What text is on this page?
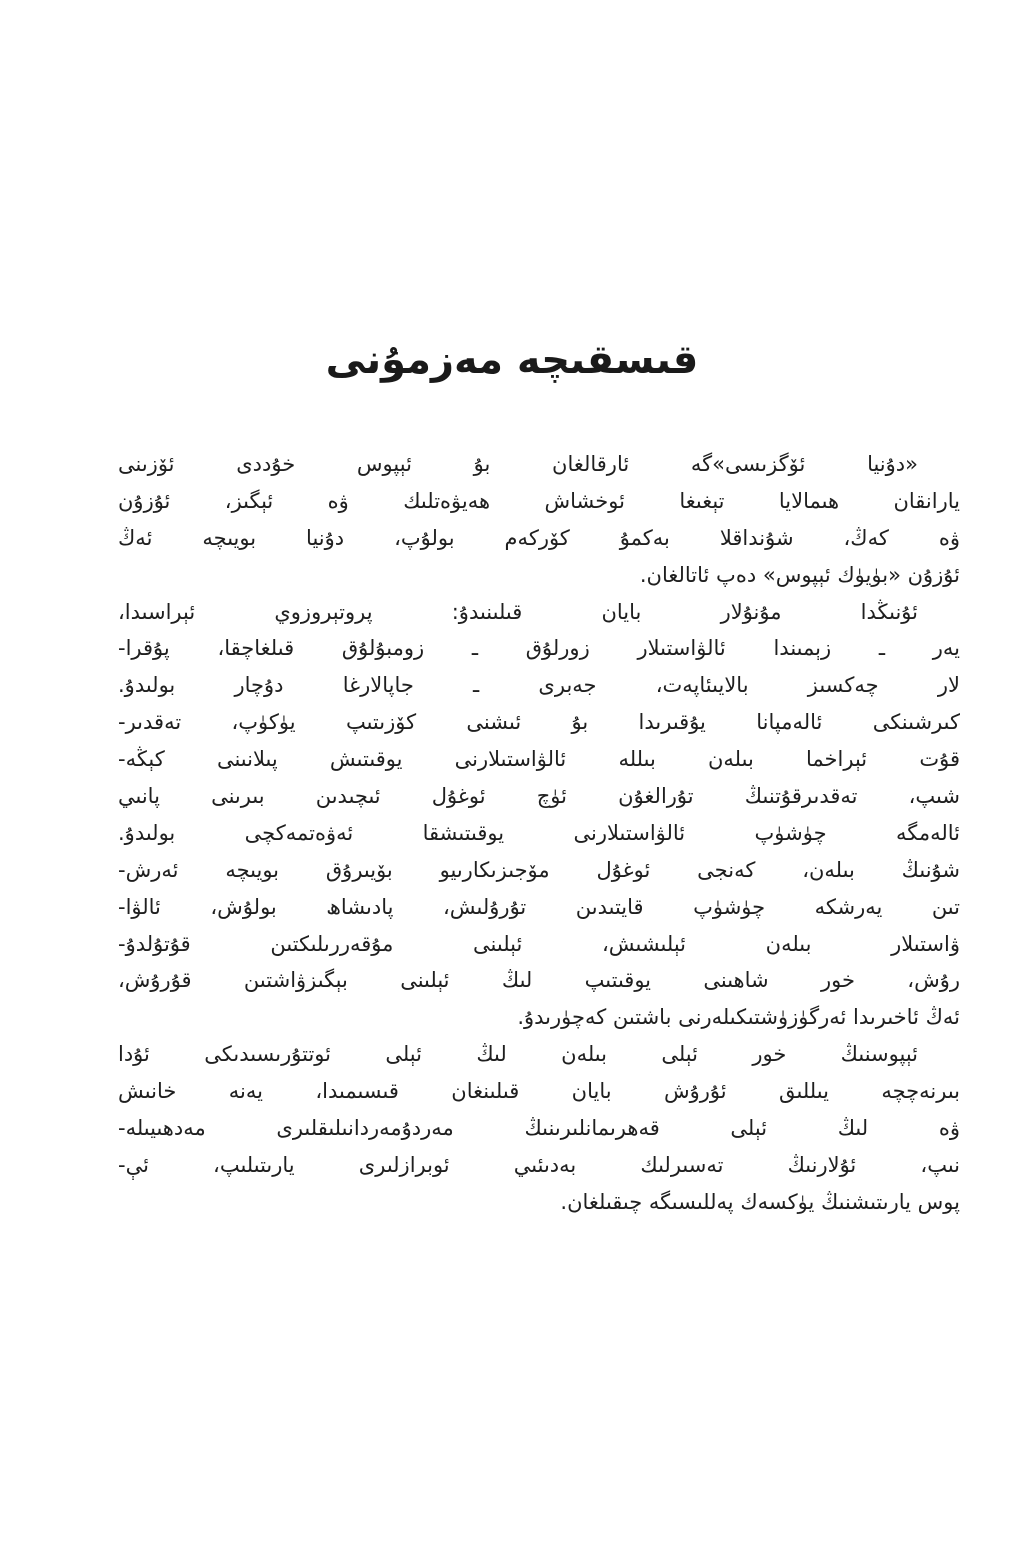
قىسقىچە مەزمۇنى
«دۇنيا ئۆگزىسى»گە ئارقالغان بۇ ئېپوس خۇددى ئۆزىنى
يارانقان ھىمالايا تېغىغا ئوخشاش ھەيۋەتلىك ۋە ئېگىز، ئۇزۇن
ۋە كەڭ، شۇنداقلا بەكمۇ كۆركەم بولۇپ، دۇنيا بويىچە ئەڭ
ئۇزۇن «بۈيۈك ئېپوس» دەپ ئاتالغان.
ئۇنىڭدا مۇنۇلار بايان قىلىنىدۇ: پروتېروزوي ئېراسىدا،
يەر ـ زېمىندا ئالۋاستىلار زورلۇق ـ زومبۇلۇق قىلغاچقا، پۇقرا-
لار چەكسىز بالايىئاپەت، جەبرى ـ جاپالارغا دۇچار بولىدۇ.
كىرشىنكى ئالەمپانا يۇقىرىدا بۇ ئىشنى كۆزىتىپ يۈكۈپ، تەقدىر-
قۇت ئېراخما بىلەن بىللە ئالۋاستىلارنى يوقىتىش پىلانىنى كېڭە-
شىپ، تەقدىرقۇتنىڭ تۇرالغۇن ئۈچ ئوغۇل ئىچىدىن بىرىنى پانىي
ئالەمگە چۈشۈپ ئالۋاستىلارنى يوقىتىشقا ئەۋەتمەكچى بولىدۇ.
شۇنىڭ بىلەن، كەنجى ئوغۇل مۆجىزىكارىيو بۆيىرۇق بويىچە ئەرش-
تىن يەرشكە چۈشۈپ قايتىدىن تۇرۇلىش، پادىشاھ بولۇش، ئالۋا-
ۋاستىلار بىلەن ئېلىشىش، ئېلىنى مۇقەررىلىكتىن قۇتۇلدۇ-
رۇش، خور شاھىنى يوقىتىپ لىڭ ئېلىنى بېگىزۋاشتىن قۇرۇش،
ئەڭ ئاخىرىدا ئەرگۈزۈشتىكىلەرنى باشتىن كەچۈرىدۇ.
ئېپوسنىڭ خور ئېلى بىلەن لىڭ ئېلى ئوتتۇرىسىدىكى ئۇدا
بىرنەچچە يىللىق ئۇرۇش بايان قىلىنغان قىسىمىدا، يەنە خانىش
ۋە لىڭ ئېلى قەھرىمانلىرىنىڭ مەردۇمەردانىلىقلىرى مەدھىيىلە-
نىپ، ئۇلارنىڭ تەسىرلىك بەدىئىي ئوبرازلىرى يارىتىلىپ، ئې-
پوس يارىتىشنىڭ يۈكسەك پەللىسىگە چىقىلغان.
